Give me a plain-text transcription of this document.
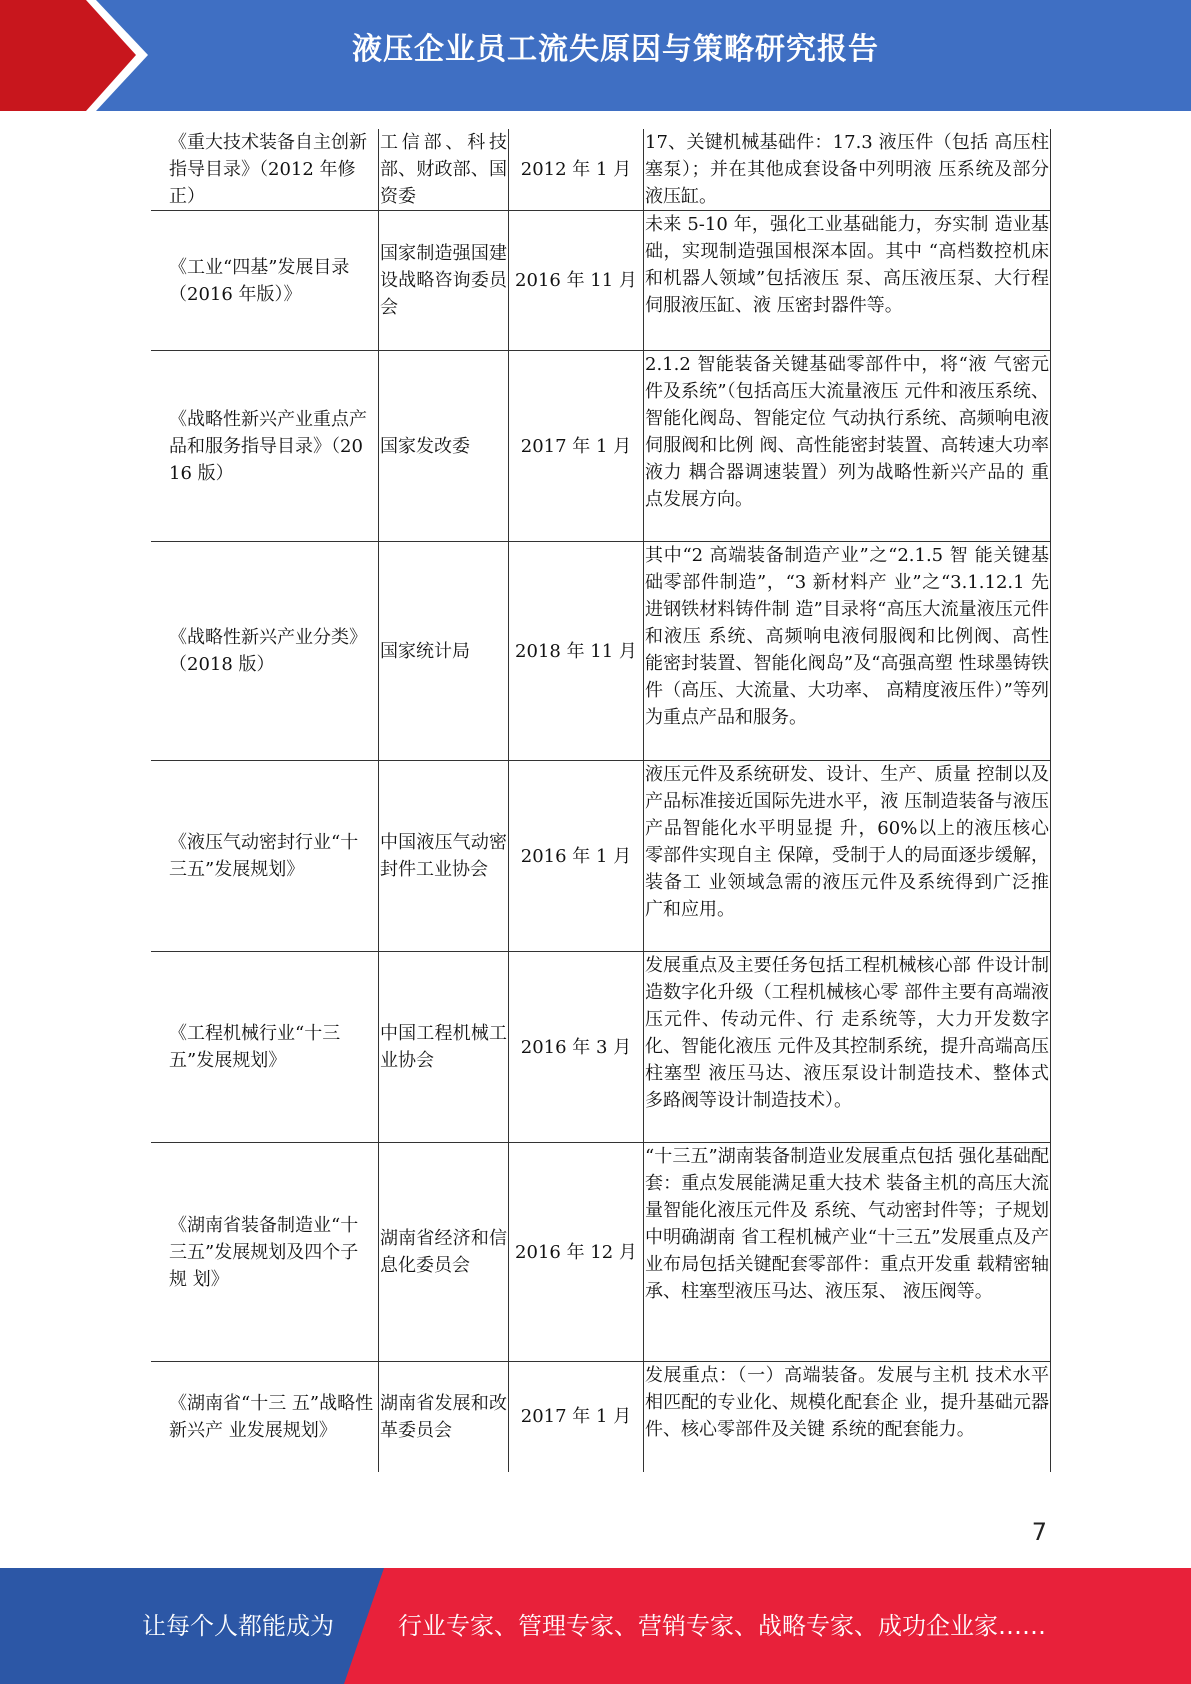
液压企业员工流失原因与策略研究报告
《重大技术装备自主创新指导目录》（2012 年修正）	工信部、科技部、财政部、国资委	2012 年 1 月	17、关键机械基础件：17.3 液压件（包括 高压柱塞泵）；并在其他成套设备中列明液 压系统及部分液压缸。
《工业“四基”发展目录（2016 年版）》	国家制造强国建设战略咨询委员会	2016 年 11 月	未来 5-10 年，强化工业基础能力，夯实制 造业基础，实现制造强国根深本固。其中 “高档数控机床和机器人领域”包括液压 泵、高压液压泵、大行程伺服液压缸、液 压密封器件等。
《战略性新兴产业重点产品和服务指导目录》（2016 版）	国家发改委	2017 年 1 月	2.1.2 智能装备关键基础零部件中，将“液 气密元件及系统”（包括高压大流量液压 元件和液压系统、智能化阀岛、智能定位 气动执行系统、高频响电液伺服阀和比例 阀、高性能密封装置、高转速大功率液力 耦合器调速装置）列为战略性新兴产品的 重点发展方向。
《战略性新兴产业分类》（2018 版）	国家统计局	2018 年 11 月	其中“2 高端装备制造产业”之“2.1.5 智 能关键基础零部件制造”，“3 新材料产 业”之“3.1.12.1 先进钢铁材料铸件制 造”目录将“高压大流量液压元件和液压 系统、高频响电液伺服阀和比例阀、高性 能密封装置、智能化阀岛”及“高强高塑 性球墨铸铁件（高压、大流量、大功率、 高精度液压件）”等列为重点产品和服务。
《液压气动密封行业“十三五”发展规划》	中国液压气动密封件工业协会	2016 年 1 月	液压元件及系统研发、设计、生产、质量 控制以及产品标准接近国际先进水平，液 压制造装备与液压产品智能化水平明显提 升，60%以上的液压核心零部件实现自主 保障，受制于人的局面逐步缓解，装备工 业领域急需的液压元件及系统得到广泛推 广和应用。
《工程机械行业“十三五”发展规划》	中国工程机械工业协会	2016 年 3 月	发展重点及主要任务包括工程机械核心部 件设计制造数字化升级（工程机械核心零 部件主要有高端液压元件、传动元件、行 走系统等，大力开发数字化、智能化液压 元件及其控制系统，提升高端高压柱塞型 液压马达、液压泵设计制造技术、整体式 多路阀等设计制造技术）。
《湖南省装备制造业“十三五”发展规划及四个子规 划》	湖南省经济和信息化委员会	2016 年 12 月	“十三五”湖南装备制造业发展重点包括 强化基础配套：重点发展能满足重大技术 装备主机的高压大流量智能化液压元件及 系统、气动密封件等；子规划中明确湖南 省工程机械产业“十三五”发展重点及产 业布局包括关键配套零部件：重点开发重 载精密轴承、柱塞型液压马达、液压泵、 液压阀等。
《湖南省“十三 五”战略性新兴产 业发展规划》	湖南省发展和改革委员会	2017 年 1 月	发展重点：（一）高端装备。发展与主机 技术水平相匹配的专业化、规模化配套企 业，提升基础元器件、核心零部件及关键 系统的配套能力。
7
让每个人都能成为	行业专家、管理专家、营销专家、战略专家、成功企业家……
